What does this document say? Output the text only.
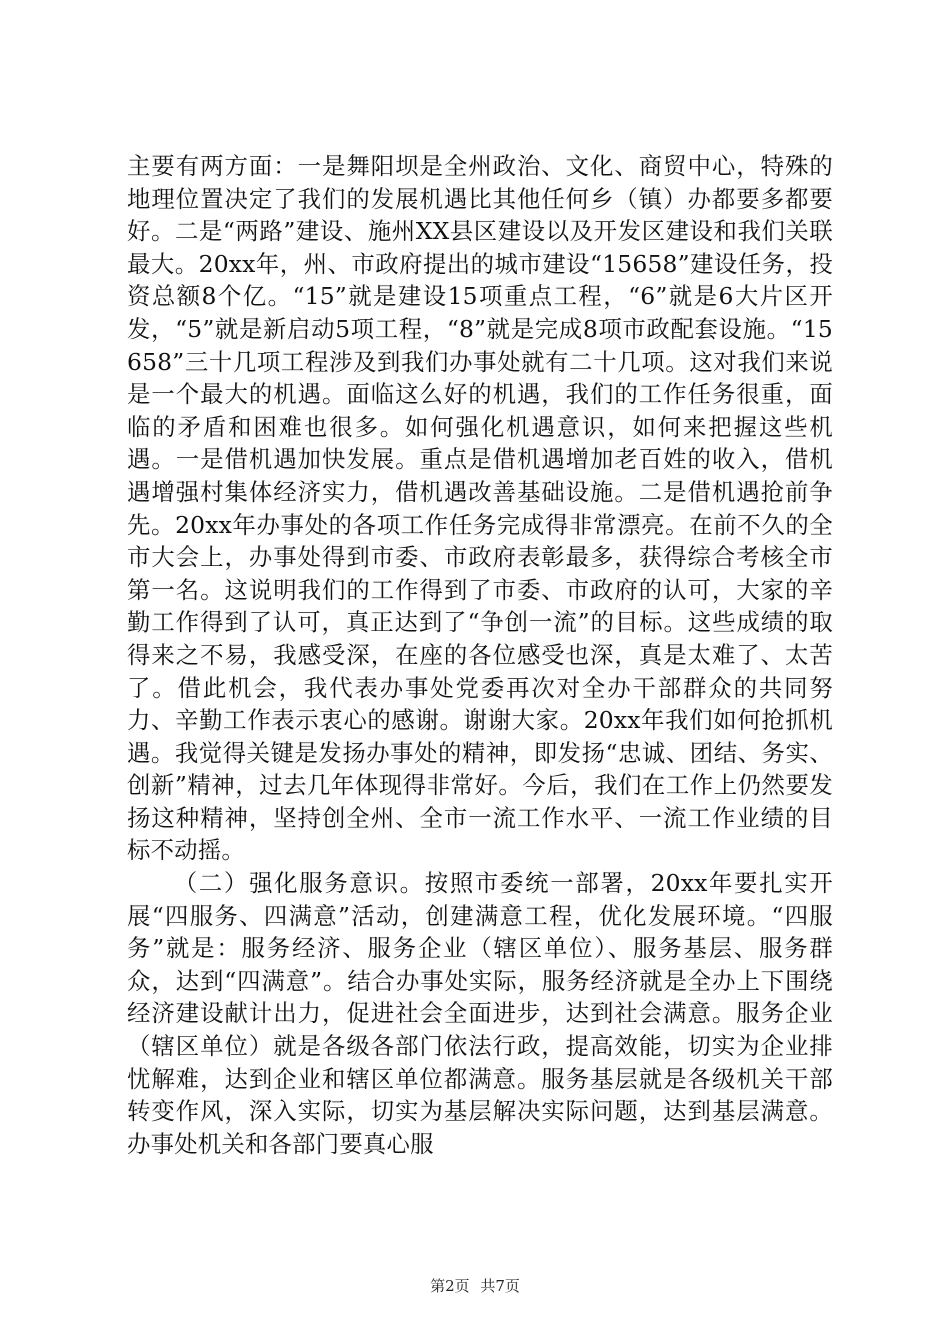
主要有两方面：一是舞阳坝是全州政治、文化、商贸中心，特殊的地理位置决定了我们的发展机遇比其他任何乡（镇）办都要多都要好。二是“两路”建设、施州XX县区建设以及开发区建设和我们关联最大。20xx年，州、市政府提出的城市建设“15658”建设任务，投资总额8个亿。“15”就是建设15项重点工程，“6”就是6大片区开发，“5”就是新启动5项工程，“8”就是完成8项市政配套设施。“15658”三十几项工程涉及到我们办事处就有二十几项。这对我们来说是一个最大的机遇。面临这么好的机遇，我们的工作任务很重，面临的矛盾和困难也很多。如何强化机遇意识，如何来把握这些机遇。一是借机遇加快发展。重点是借机遇增加老百姓的收入，借机遇增强村集体经济实力，借机遇改善基础设施。二是借机遇抢前争先。20xx年办事处的各项工作任务完成得非常漂亮。在前不久的全市大会上，办事处得到市委、市政府表彰最多，获得综合考核全市第一名。这说明我们的工作得到了市委、市政府的认可，大家的辛勤工作得到了认可，真正达到了“争创一流”的目标。这些成绩的取得来之不易，我感受深，在座的各位感受也深，真是太难了、太苦了。借此机会，我代表办事处党委再次对全办干部群众的共同努力、辛勤工作表示衷心的感谢。谢谢大家。20xx年我们如何抢抓机遇。我觉得关键是发扬办事处的精神，即发扬“忠诚、团结、务实、创新”精神，过去几年体现得非常好。今后，我们在工作上仍然要发扬这种精神，坚持创全州、全市一流工作水平、一流工作业绩的目标不动摇。

（二）强化服务意识。按照市委统一部署，20xx年要扎实开展“四服务、四满意”活动，创建满意工程，优化发展环境。“四服务”就是：服务经济、服务企业（辖区单位）、服务基层、服务群众，达到“四满意”。结合办事处实际，服务经济就是全办上下围绕经济建设献计出力，促进社会全面进步，达到社会满意。服务企业（辖区单位）就是各级各部门依法行政，提高效能，切实为企业排忧解难，达到企业和辖区单位都满意。服务基层就是各级机关干部转变作风，深入实际，切实为基层解决实际问题，达到基层满意。办事处机关和各部门要真心服

第2页 共7页
